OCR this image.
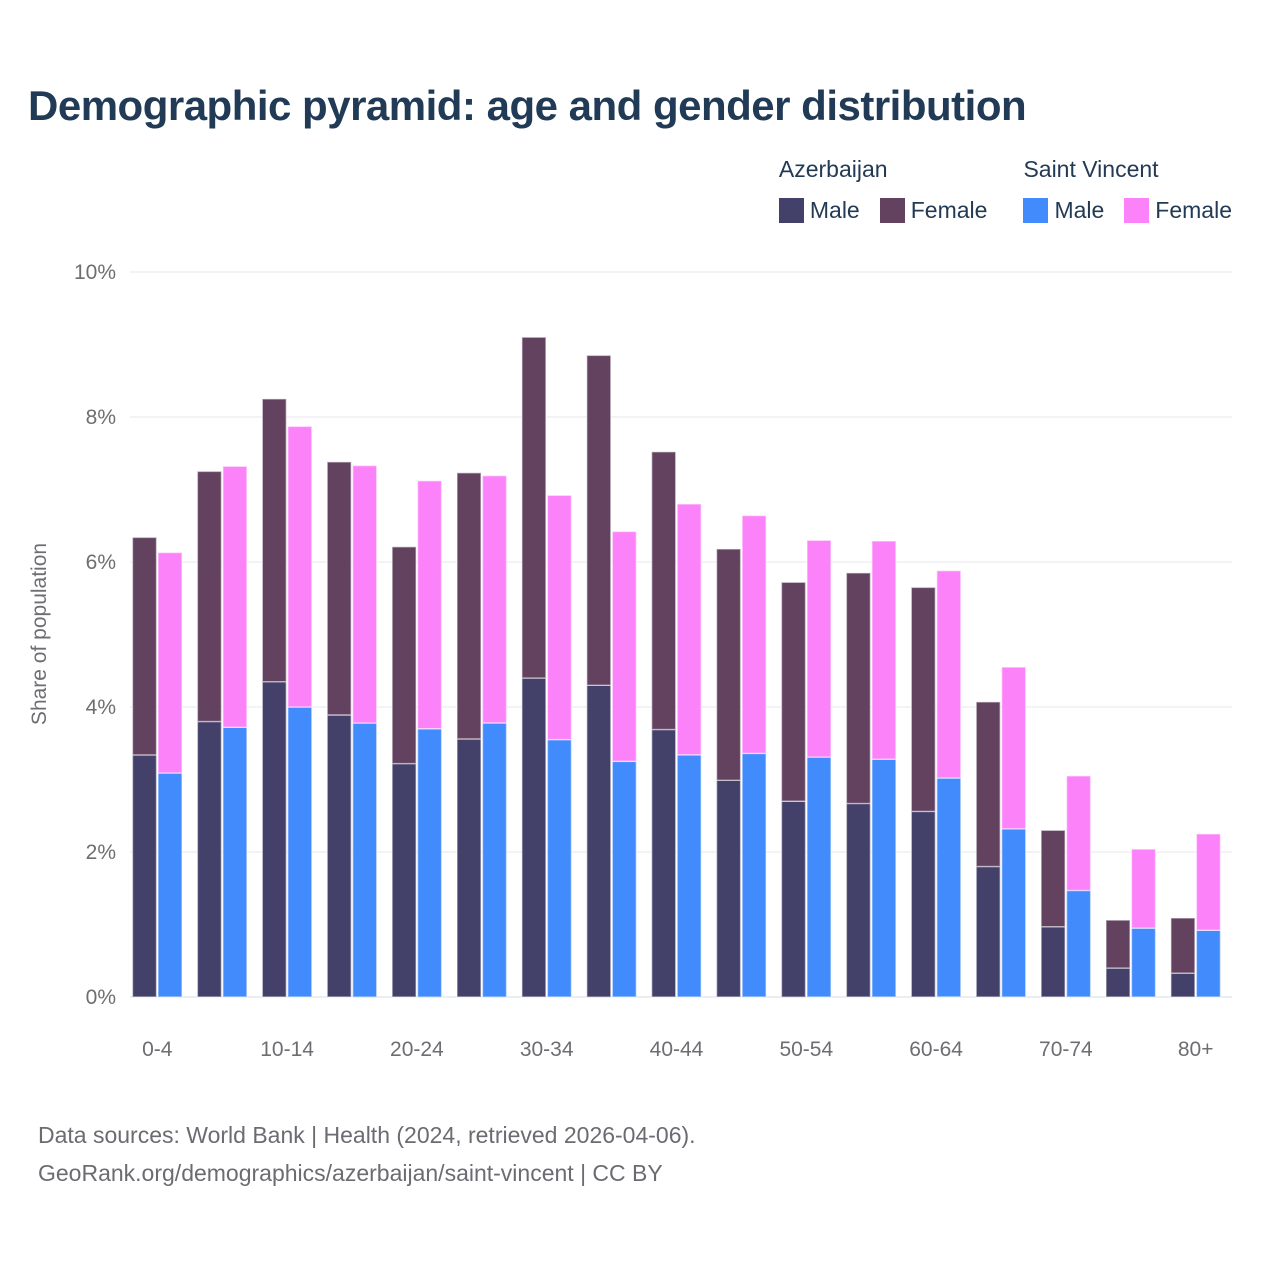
Demographic pyramid: age and gender distribution
Azerbaijan
Male Female
Saint Vincent
Male Female
0%
2%
4%
6%
8%
10%
Share of population
0-4	10-14	20-24	30-34	40-44	50-54	60-64	70-74	80+
Data sources: World Bank | Health (2024, retrieved 2026-04-06).
GeoRank.org/demographics/azerbaijan/saint-vincent | CC BY
